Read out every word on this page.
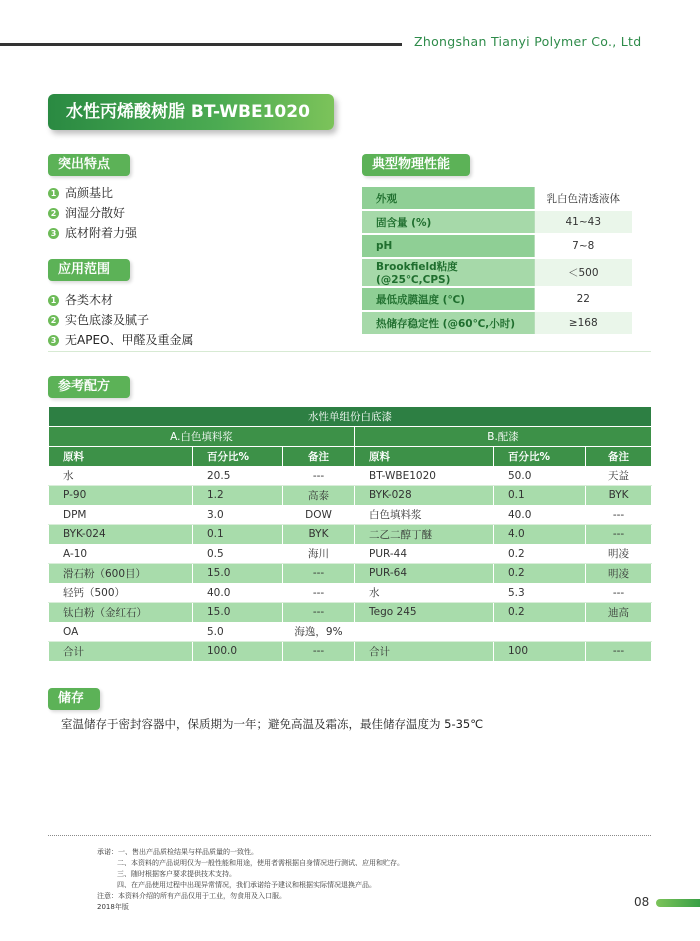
Zhongshan Tianyi Polymer Co., Ltd
水性丙烯酸树脂 BT-WBE1020
突出特点
1 高颜基比
2 润湿分散好
3 底材附着力强
应用范围
1 各类木材
2 实色底漆及腻子
3 无APEO、甲醛及重金属
典型物理性能
外观	乳白色清透液体
固含量 (%)	41~43
pH	7~8
Brookfield粘度 (@25℃,CPS)	＜500
最低成膜温度 (℃)	22
热储存稳定性 (@60℃,小时)	≥168
参考配方
水性单组份白底漆					
A.白色填料浆			B.配漆		
原料	百分比%	备注	原料	百分比%	备注
水	20.5	---	BT-WBE1020	50.0	天益
P-90	1.2	高泰	BYK-028	0.1	BYK
DPM	3.0	DOW	白色填料浆	40.0	---
BYK-024	0.1	BYK	二乙二醇丁醚	4.0	---
A-10	0.5	海川	PUR-44	0.2	明凌
滑石粉（600目）	15.0	---	PUR-64	0.2	明凌
轻钙（500）	40.0	---	水	5.3	---
钛白粉（金红石）	15.0	---	Tego 245	0.2	迪高
OA	5.0	海逸，9%			
合计	100.0	---	合计	100	---
储存
室温储存于密封容器中，保质期为一年；避免高温及霜冻，最佳储存温度为 5-35℃
承诺：一、售出产品质检结果与样品质量的一致性。
二、本资料的产品说明仅为一般性能和用途，使用者需根据自身情况进行测试、应用和贮存。
三、随时根据客户要求提供技术支持。
四、在产品使用过程中出现异常情况，我们承诺给予建议和根据实际情况退换产品。
注意：本资料介绍的所有产品仅用于工业，勿食用及入口服。
2018年版	08
